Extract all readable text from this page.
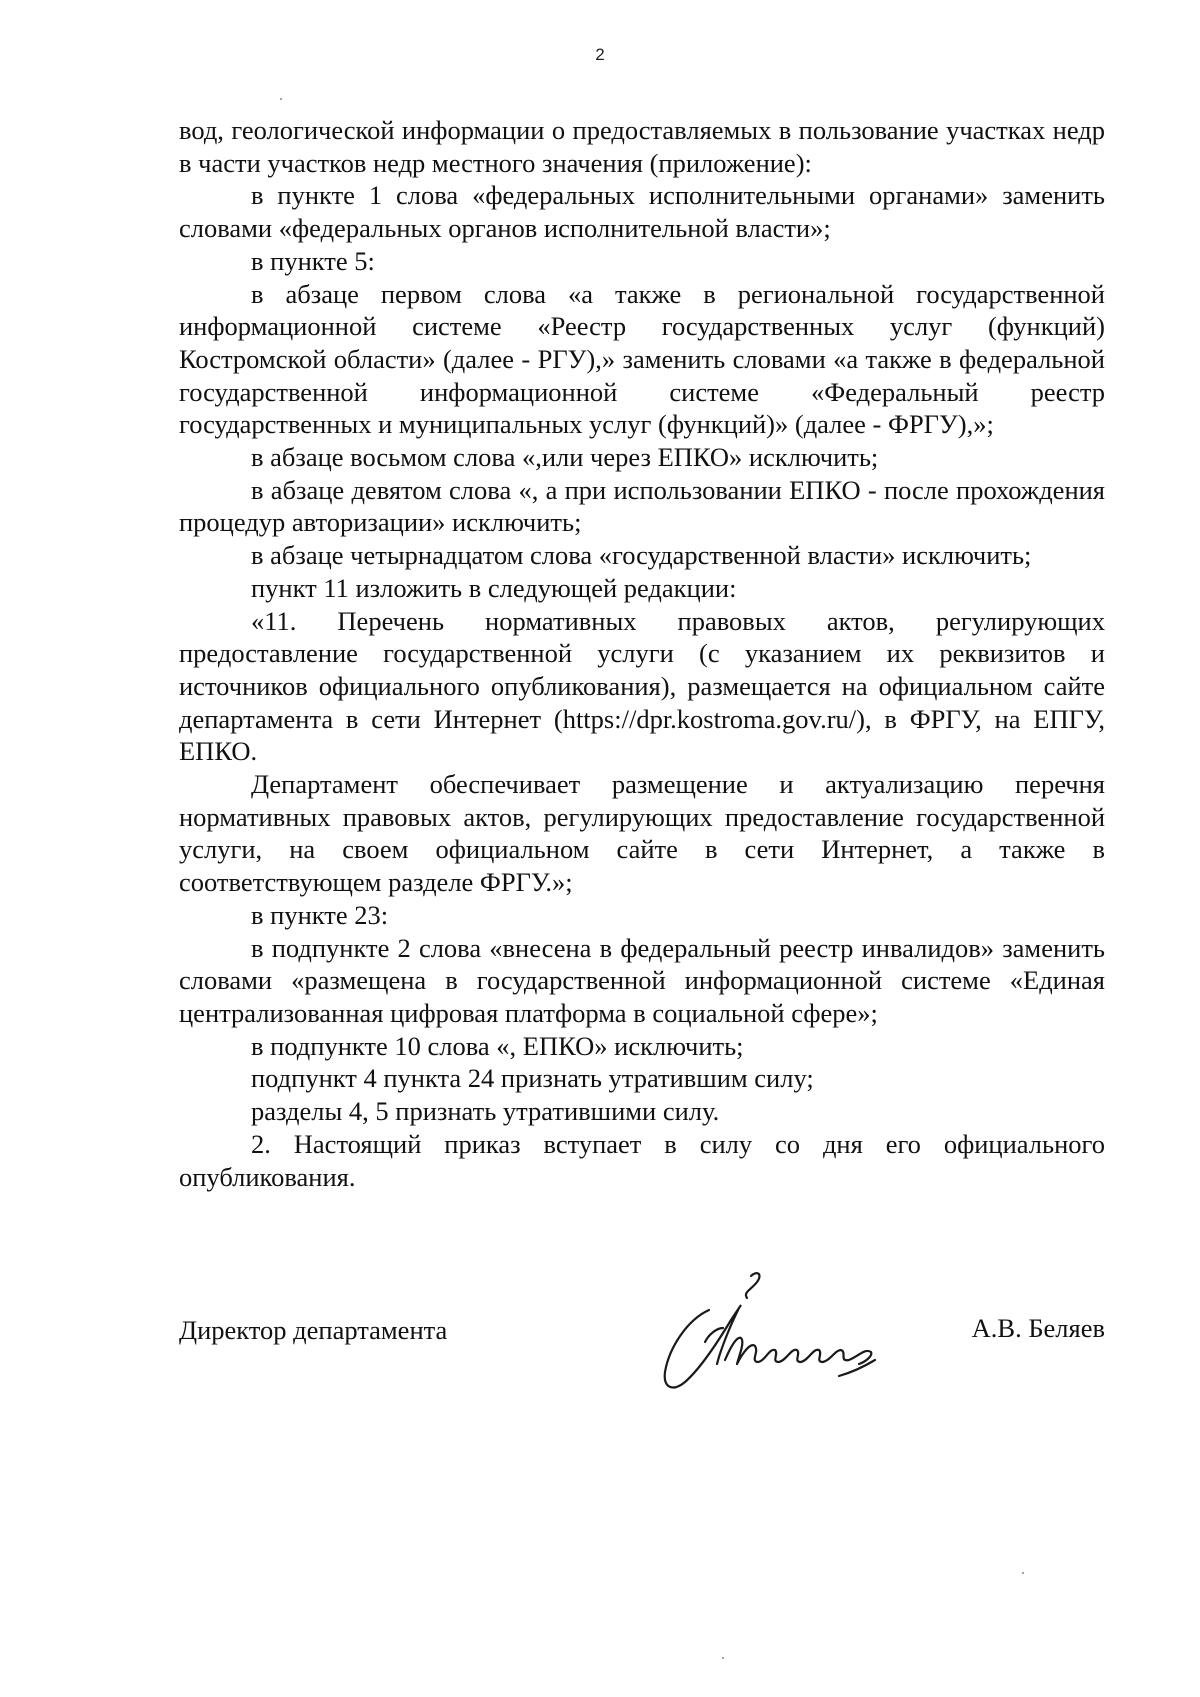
2

вод, геологической информации о предоставляемых в пользование участках недр в части участков недр местного значения (приложение):

в пункте 1 слова «федеральных исполнительными органами» заменить словами «федеральных органов исполнительной власти»;

в пункте 5:

в абзаце первом слова «а также в региональной государственной информационной системе «Реестр государственных услуг (функций) Костромской области» (далее - РГУ),» заменить словами «а также в федеральной государственной информационной системе «Федеральный реестр государственных и муниципальных услуг (функций)» (далее - ФРГУ),»;

в абзаце восьмом слова «,или через ЕПКО» исключить;

в абзаце девятом слова «, а при использовании ЕПКО - после прохождения процедур авторизации» исключить;

в абзаце четырнадцатом слова «государственной власти» исключить;

пункт 11 изложить в следующей редакции:

«11. Перечень нормативных правовых актов, регулирующих предоставление государственной услуги (с указанием их реквизитов и источников официального опубликования), размещается на официальном сайте департамента в сети Интернет (https://dpr.kostroma.gov.ru/), в ФРГУ, на ЕПГУ, ЕПКО.

Департамент обеспечивает размещение и актуализацию перечня нормативных правовых актов, регулирующих предоставление государственной услуги, на своем официальном сайте в сети Интернет, а также в соответствующем разделе ФРГУ.»;

в пункте 23:

в подпункте 2 слова «внесена в федеральный реестр инвалидов» заменить словами «размещена в государственной информационной системе «Единая централизованная цифровая платформа в социальной сфере»;

в подпункте 10 слова «, ЕПКО» исключить;

подпункт 4 пункта 24 признать утратившим силу;

разделы 4, 5 признать утратившими силу.

2. Настоящий приказ вступает в силу со дня его официального опубликования.

Директор департамента	А.В. Беляев
